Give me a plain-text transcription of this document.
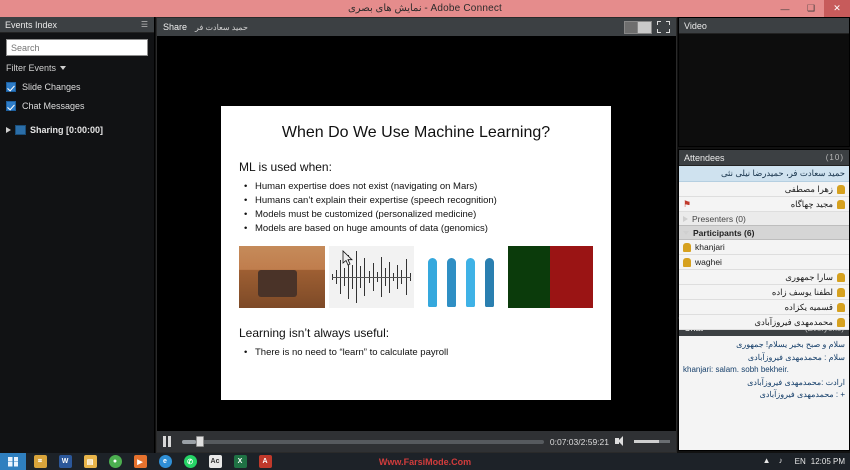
نمایش های بصری - Adobe Connect	—	❑	✕
Events Index	☰
Search
Filter Events
Slide Changes
Chat Messages
Sharing [0:00:00]
Share حمید سعادت فر
When Do We Use Machine Learning?
ML is used when:
• Human expertise does not exist (navigating on Mars)
• Humans can’t explain their expertise (speech recognition)
• Models must be customized (personalized medicine)
• Models are based on huge amounts of data (genomics)
Learning isn’t always useful:
• There is no need to “learn” to calculate payroll
0:07:03/2:59:21
Video
Attendees	(10)
حمید سعادت فر، حمیدرضا نیلی نثی
زهرا مصطفی
مجید چهاگاه
⚑
Presenters (0)
Participants (6)
khanjari
waghei
سارا جمهوری
لطفنا یوسف زاده
قسمیه یکزاده
محمدمهدی فیروزآبادی
سلام و صبح بخیر یسلام! جمهوری
سلام : محمدمهدی فیروزآبادی
khanjari: salam. sobh bekheir.
ارادت :محمدمهدی فیروزآبادی
+ : محمدمهدی فیروزآبادی
⌗	W	▤	●	▶	e	✆	Ac	X	A	Www.FarsiMode.Com	▲	♪	EN 12:05 PM
